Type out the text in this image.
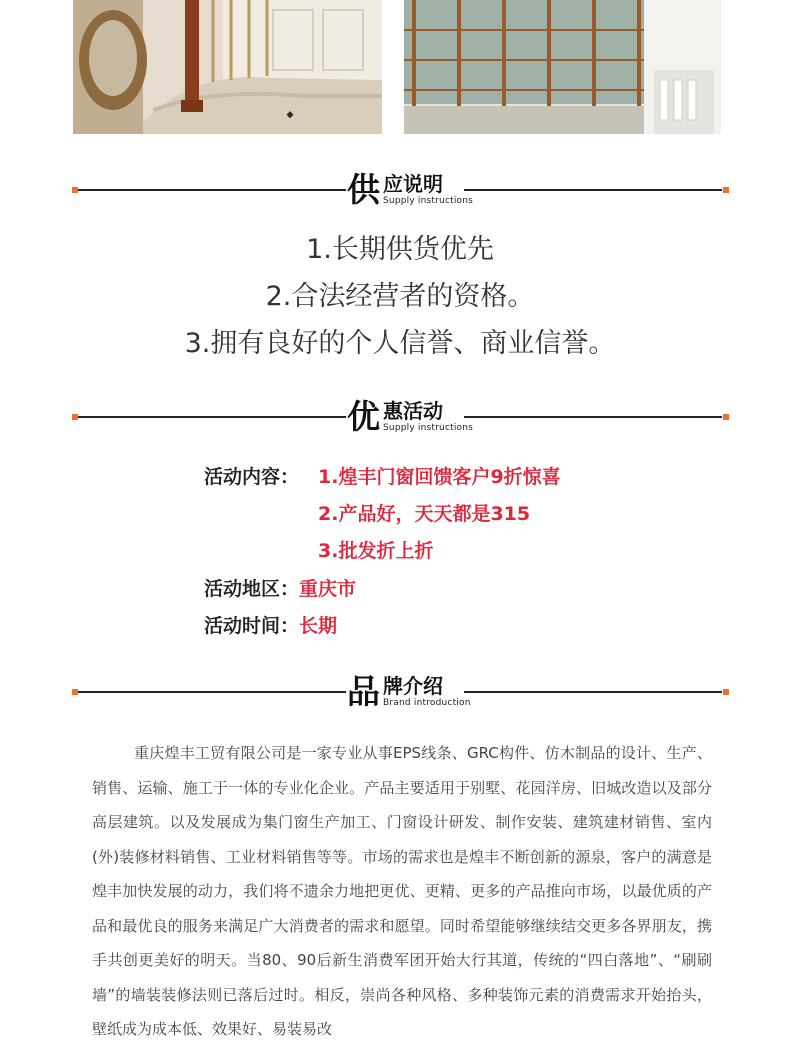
供 应说明
Supply instructions
1.长期供货优先
2.合法经营者的资格。
3.拥有良好的个人信誉、商业信誉。
优 惠活动
Supply instructions
活动内容： 1.煌丰门窗回馈客户9折惊喜
2.产品好，天天都是315
3.批发折上折
活动地区：重庆市
活动时间：长期
品 牌介绍
Brand introduction
重庆煌丰工贸有限公司是一家专业从事EPS线条、GRC构件、仿木制品的设计、生产、销售、运输、施工于一体的专业化企业。产品主要适用于别墅、花园洋房、旧城改造以及部分高层建筑。以及发展成为集门窗生产加工、门窗设计研发、制作安装、建筑建材销售、室内(外)装修材料销售、工业材料销售等等。市场的需求也是煌丰不断创新的源泉，客户的满意是煌丰加快发展的动力，我们将不遗余力地把更优、更精、更多的产品推向市场，以最优质的产品和最优良的服务来满足广大消费者的需求和愿望。同时希望能够继续结交更多各界朋友，携手共创更美好的明天。当80、90后新生消费军团开始大行其道，传统的“四白落地”、“刷刷墙”的墙装装修法则已落后过时。相反，崇尚各种风格、多种装饰元素的消费需求开始抬头，壁纸成为成本低、效果好、易装易改
